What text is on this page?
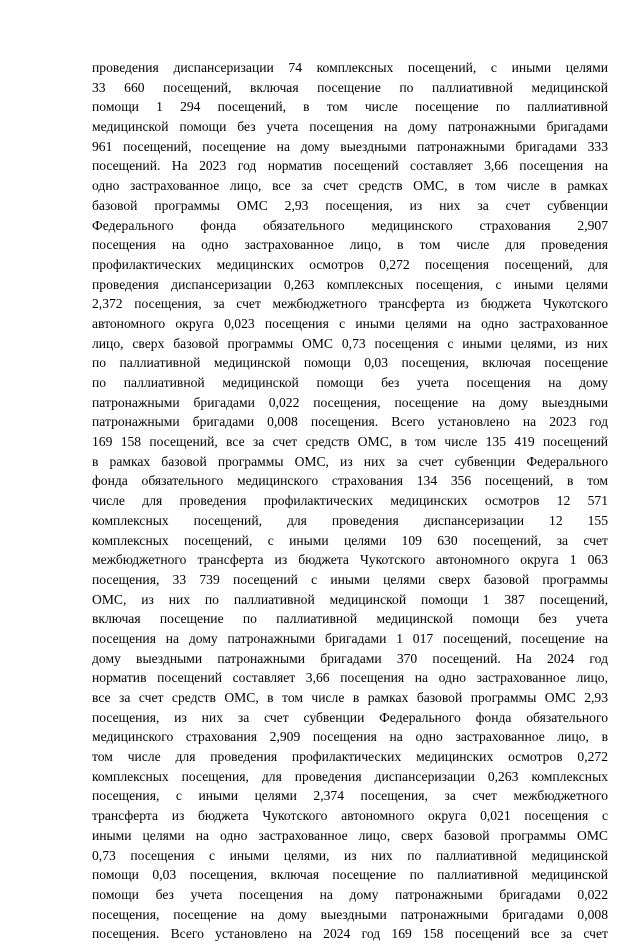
проведения диспансеризации 74 комплексных посещений, с иными целями
33 660 посещений, включая посещение по паллиативной медицинской
помощи 1 294 посещений, в том числе посещение по паллиативной
медицинской помощи без учета посещения на дому патронажными бригадами
961 посещений, посещение на дому выездными патронажными бригадами 333
посещений. На 2023 год норматив посещений составляет 3,66 посещения на
одно застрахованное лицо, все за счет средств ОМС, в том числе в рамках
базовой программы ОМС 2,93 посещения, из них за счет субвенции
Федерального фонда обязательного медицинского страхования 2,907
посещения на одно застрахованное лицо, в том числе для проведения
профилактических медицинских осмотров 0,272 посещения посещений, для
проведения диспансеризации 0,263 комплексных посещения, с иными целями
2,372 посещения, за счет межбюджетного трансферта из бюджета Чукотского
автономного округа 0,023 посещения с иными целями на одно застрахованное
лицо, сверх базовой программы ОМС 0,73 посещения с иными целями, из них
по паллиативной медицинской помощи 0,03 посещения, включая посещение
по паллиативной медицинской помощи без учета посещения на дому
патронажными бригадами 0,022 посещения, посещение на дому выездными
патронажными бригадами 0,008 посещения. Всего установлено на 2023 год
169 158 посещений, все за счет средств ОМС, в том числе 135 419 посещений
в рамках базовой программы ОМС, из них за счет субвенции Федерального
фонда обязательного медицинского страхования 134 356 посещений, в том
числе для проведения профилактических медицинских осмотров 12 571
комплексных посещений, для проведения диспансеризации 12 155
комплексных посещений, с иными целями 109 630 посещений, за счет
межбюджетного трансферта из бюджета Чукотского автономного округа 1 063
посещения, 33 739 посещений с иными целями сверх базовой программы
ОМС, из них по паллиативной медицинской помощи 1 387 посещений,
включая посещение по паллиативной медицинской помощи без учета
посещения на дому патронажными бригадами 1 017 посещений, посещение на
дому выездными патронажными бригадами 370 посещений. На 2024 год
норматив посещений составляет 3,66 посещения на одно застрахованное лицо,
все за счет средств ОМС, в том числе в рамках базовой программы ОМС 2,93
посещения, из них за счет субвенции Федерального фонда обязательного
медицинского страхования 2,909 посещения на одно застрахованное лицо, в
том числе для проведения профилактических медицинских осмотров 0,272
комплексных посещения, для проведения диспансеризации 0,263 комплексных
посещения, с иными целями 2,374 посещения, за счет межбюджетного
трансферта из бюджета Чукотского автономного округа 0,021 посещения с
иными целями на одно застрахованное лицо, сверх базовой программы ОМС
0,73 посещения с иными целями, из них по паллиативной медицинской
помощи 0,03 посещения, включая посещение по паллиативной медицинской
помощи без учета посещения на дому патронажными бригадами 0,022
посещения, посещение на дому выездными патронажными бригадами 0,008
посещения. Всего установлено на 2024 год 169 158 посещений все за счет
